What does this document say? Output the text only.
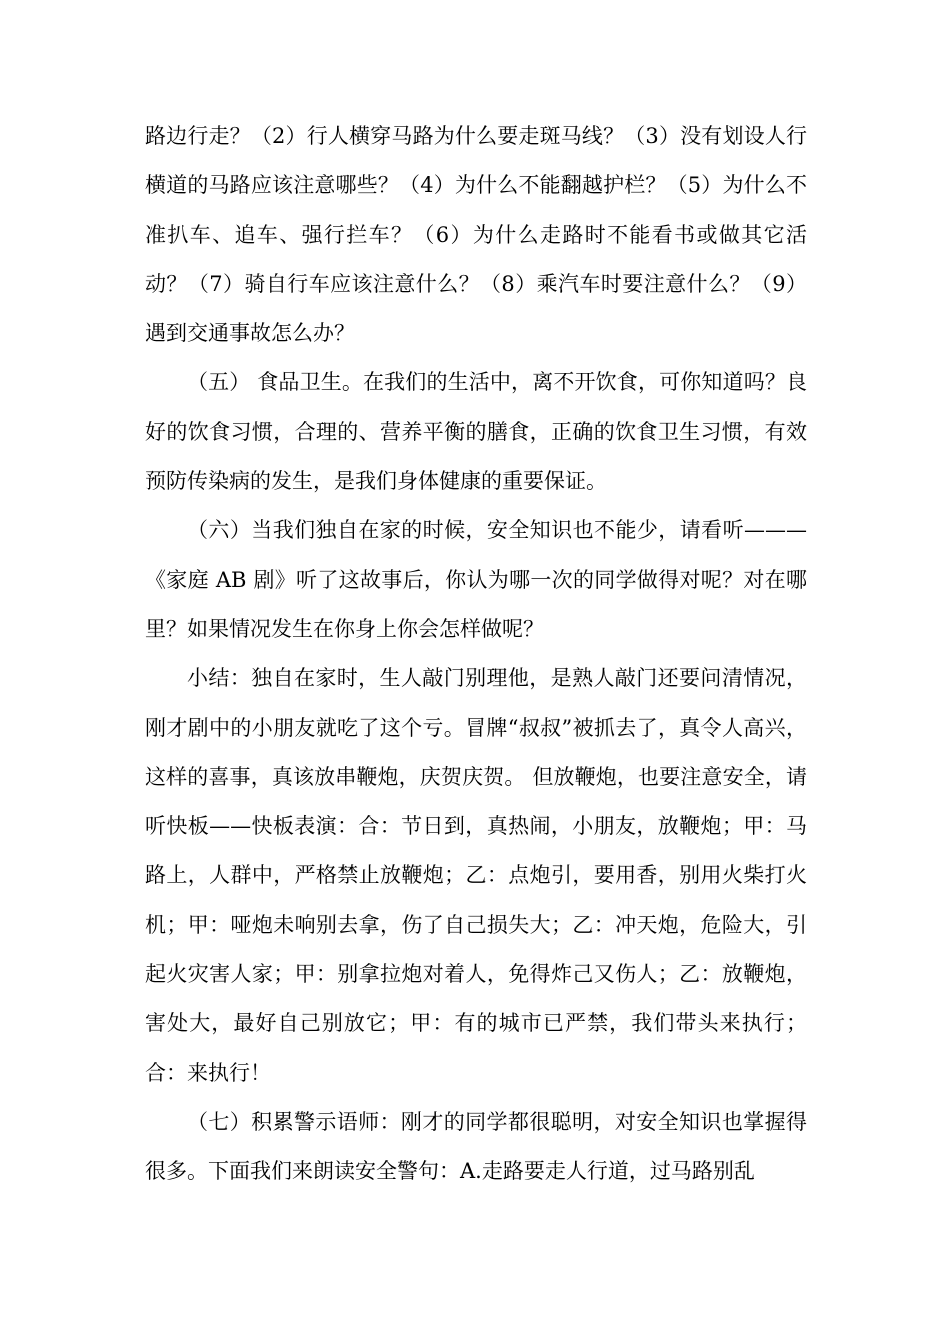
路边行走？（2）行人横穿马路为什么要走斑马线？（3）没有划设人行横道的马路应该注意哪些？（4）为什么不能翻越护栏？（5）为什么不准扒车、追车、强行拦车？（6）为什么走路时不能看书或做其它活动？（7）骑自行车应该注意什么？（8）乘汽车时要注意什么？（9）遇到交通事故怎么办？

（五） 食品卫生。在我们的生活中，离不开饮食，可你知道吗？良好的饮食习惯，合理的、营养平衡的膳食，正确的饮食卫生习惯，有效预防传染病的发生，是我们身体健康的重要保证。

（六）当我们独自在家的时候，安全知识也不能少，请看听———《家庭 AB 剧》听了这故事后，你认为哪一次的同学做得对呢？对在哪里？如果情况发生在你身上你会怎样做呢？

小结：独自在家时，生人敲门别理他，是熟人敲门还要问清情况，刚才剧中的小朋友就吃了这个亏。冒牌“叔叔”被抓去了，真令人高兴，这样的喜事，真该放串鞭炮，庆贺庆贺。 但放鞭炮，也要注意安全，请听快板——快板表演：合：节日到，真热闹，小朋友，放鞭炮；甲：马路上，人群中，严格禁止放鞭炮；乙：点炮引，要用香，别用火柴打火机；甲：哑炮未响别去拿，伤了自己损失大；乙：冲天炮，危险大，引起火灾害人家；甲：别拿拉炮对着人，免得炸己又伤人；乙：放鞭炮，害处大，最好自己别放它；甲：有的城市已严禁，我们带头来执行；合：来执行！

（七）积累警示语师：刚才的同学都很聪明，对安全知识也掌握得很多。下面我们来朗读安全警句：A.走路要走人行道，过马路别乱
